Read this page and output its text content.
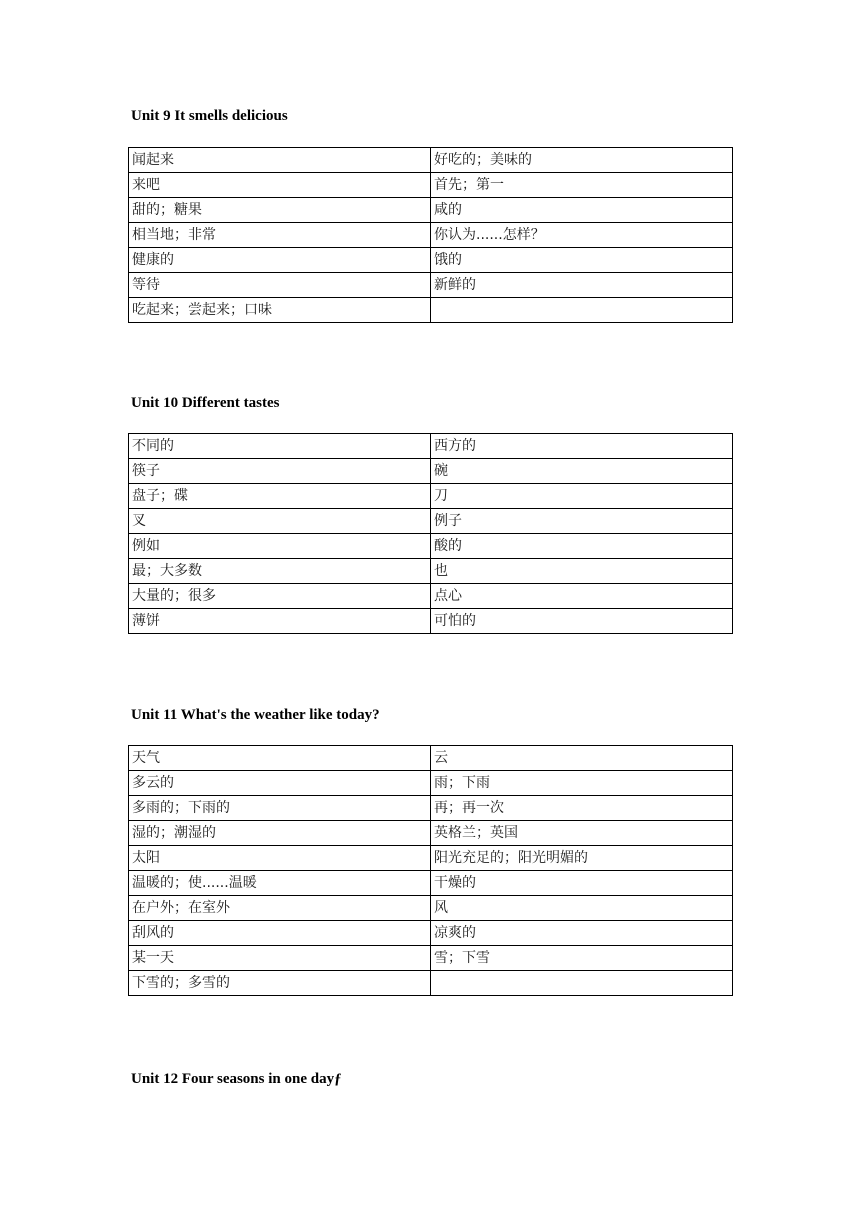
Unit 9 It smells delicious
闻起来	好吃的；美味的
来吧	首先；第一
甜的；糖果	咸的
相当地；非常	你认为......怎样？
健康的	饿的
等待	新鲜的
吃起来；尝起来；口味	
Unit 10 Different tastes
不同的	西方的
筷子	碗
盘子；碟	刀
叉	例子
例如	酸的
最；大多数	也
大量的；很多	点心
薄饼	可怕的
Unit 11 What's the weather like today?
天气	云
多云的	雨；下雨
多雨的；下雨的	再；再一次
湿的；潮湿的	英格兰；英国
太阳	阳光充足的；阳光明媚的
温暖的；使......温暖	干燥的
在户外；在室外	风
刮风的	凉爽的
某一天	雪；下雪
下雪的；多雪的	
Unit 12 Four seasons in one dayƒ
